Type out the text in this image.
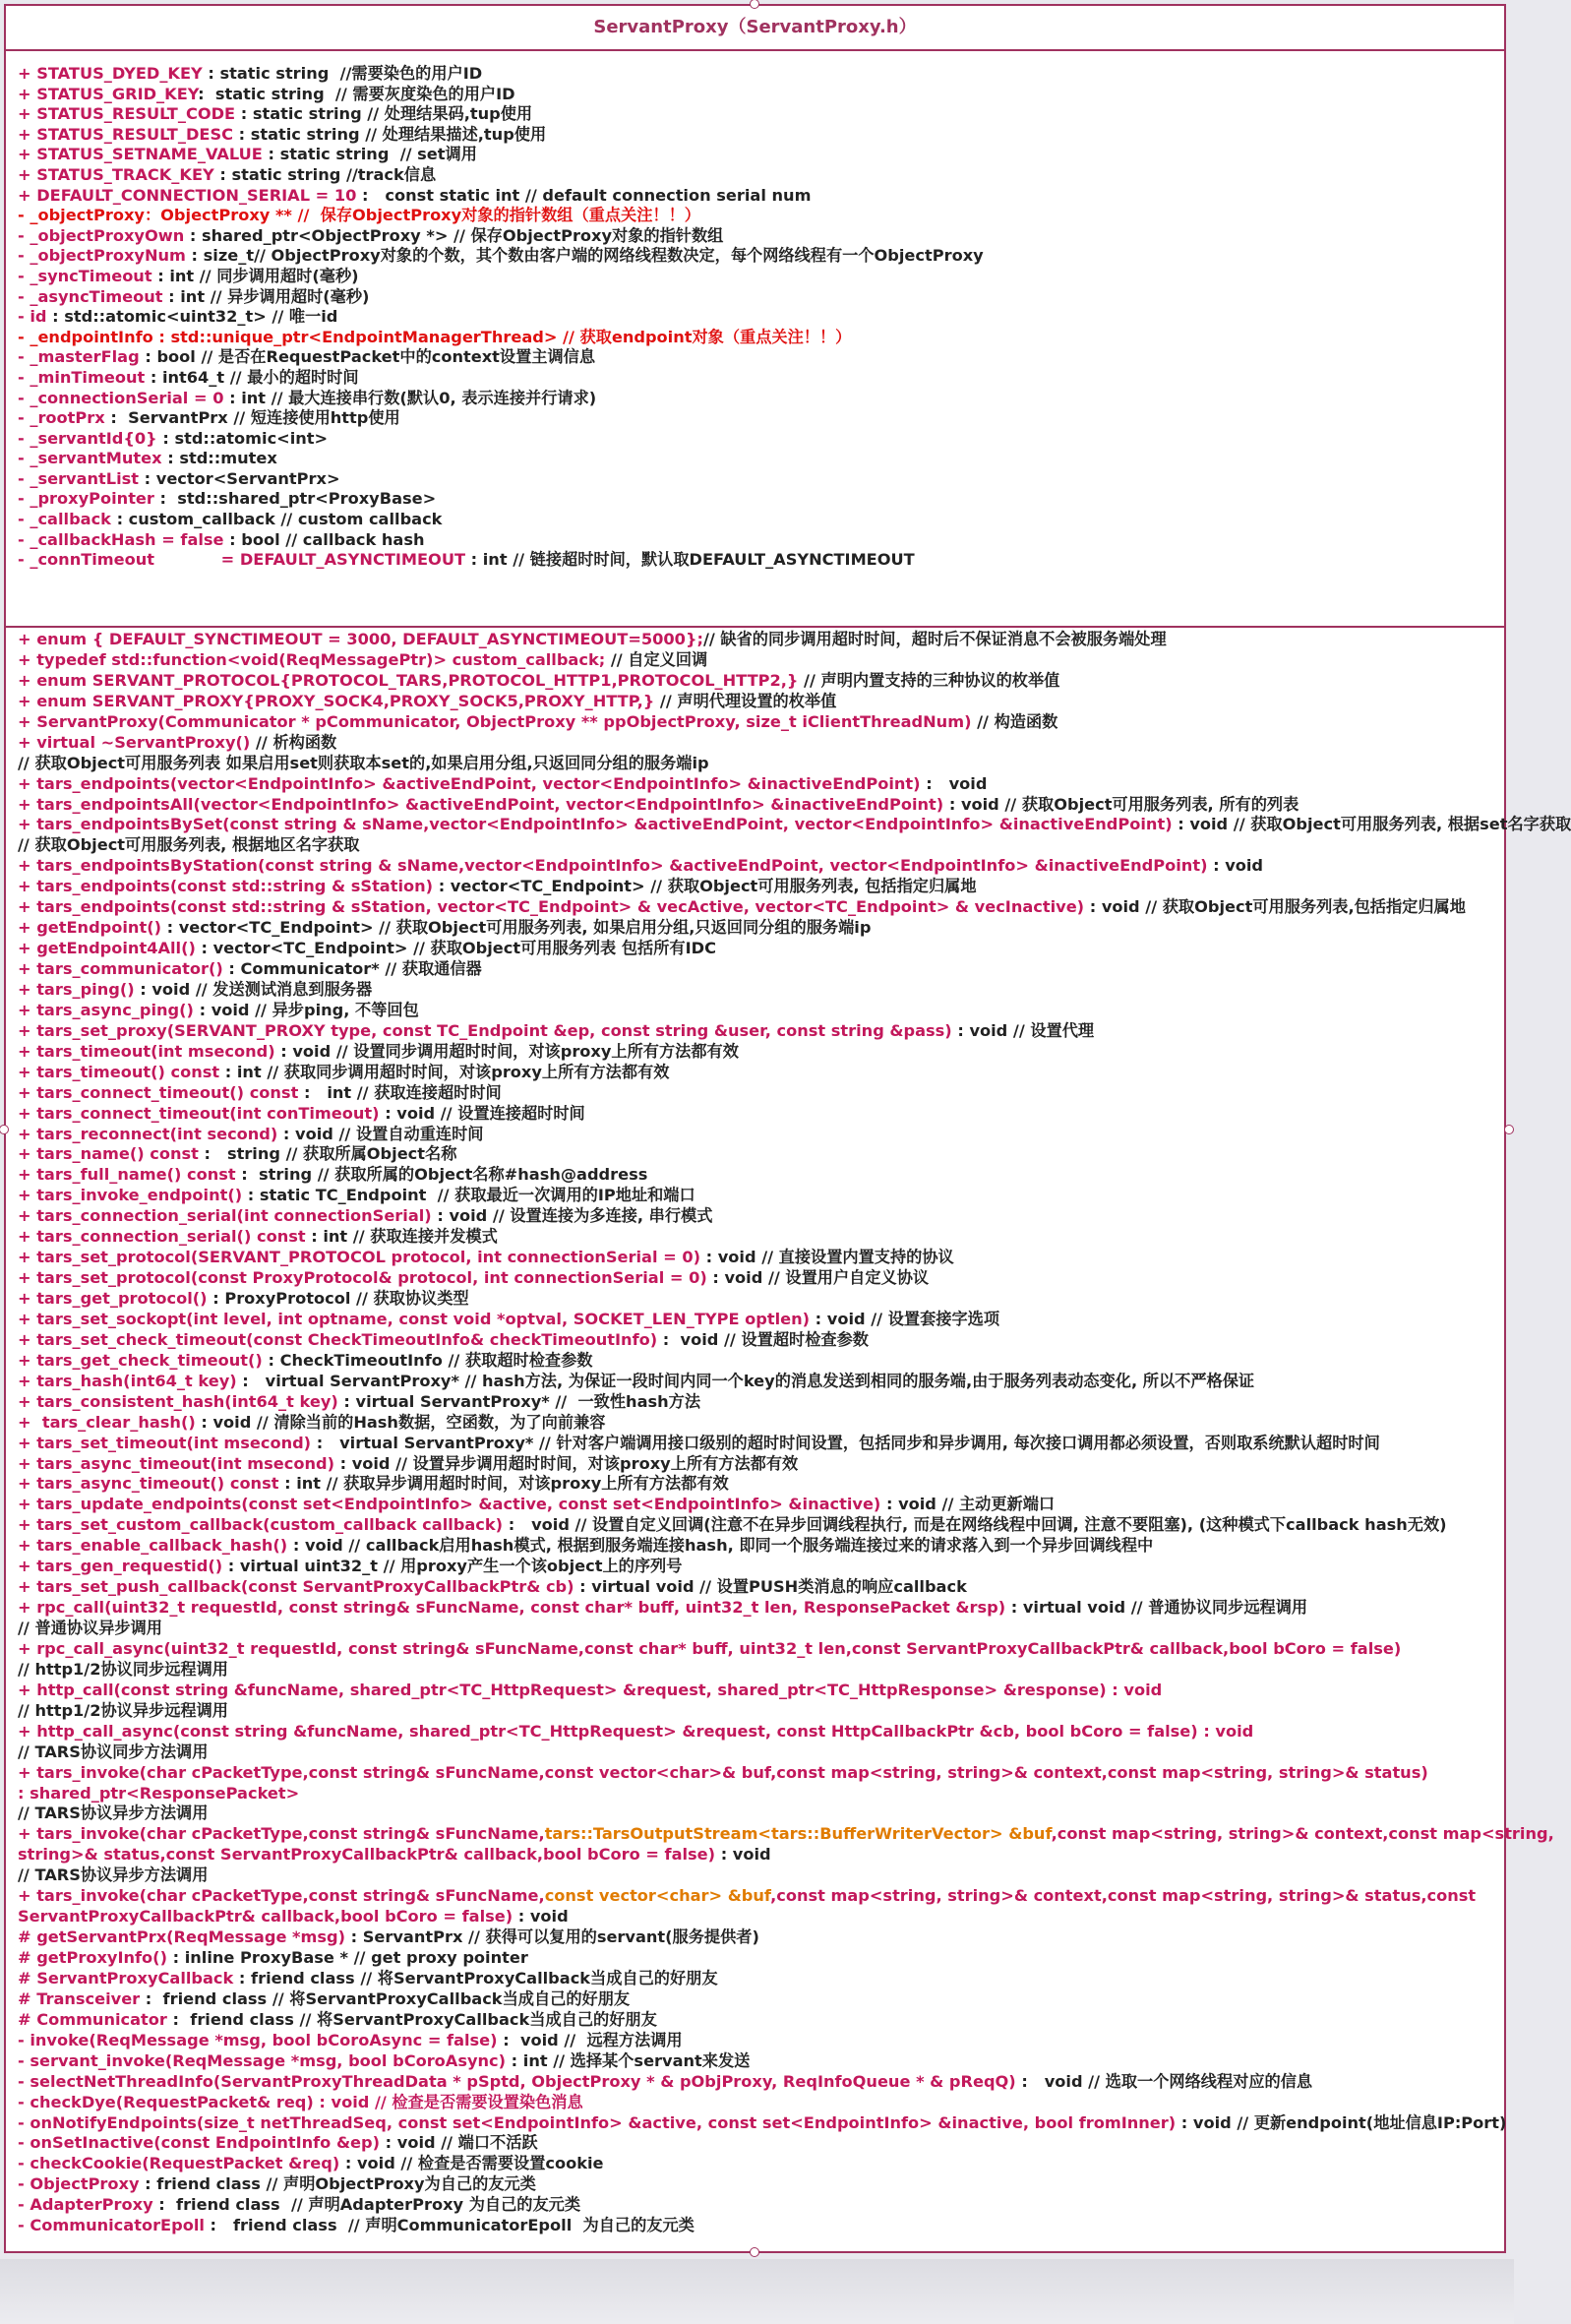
ServantProxy（ServantProxy.h）
+ STATUS_DYED_KEY : static string  //需要染色的用户ID
+ STATUS_GRID_KEY:  static string  // 需要灰度染色的用户ID
+ STATUS_RESULT_CODE : static string // 处理结果码,tup使用
+ STATUS_RESULT_DESC : static string // 处理结果描述,tup使用
+ STATUS_SETNAME_VALUE : static string  // set调用
+ STATUS_TRACK_KEY : static string //track信息
+ DEFAULT_CONNECTION_SERIAL = 10 :   const static int // default connection serial num
- _objectProxy：ObjectProxy ** //  保存ObjectProxy对象的指针数组（重点关注！！）
- _objectProxyOwn : shared_ptr<ObjectProxy *> // 保存ObjectProxy对象的指针数组
- _objectProxyNum : size_t// ObjectProxy对象的个数，其个数由客户端的网络线程数决定，每个网络线程有一个ObjectProxy
- _syncTimeout : int // 同步调用超时(毫秒)
- _asyncTimeout : int // 异步调用超时(毫秒)
- id : std::atomic<uint32_t> // 唯一id
- _endpointInfo : std::unique_ptr<EndpointManagerThread> // 获取endpoint对象（重点关注！！）
- _masterFlag : bool // 是否在RequestPacket中的context设置主调信息
- _minTimeout : int64_t // 最小的超时时间
- _connectionSerial = 0 : int // 最大连接串行数(默认0, 表示连接并行请求)
- _rootPrx :  ServantPrx // 短连接使用http使用
- _servantId{0} : std::atomic<int>
- _servantMutex : std::mutex
- _servantList : vector<ServantPrx>
- _proxyPointer :  std::shared_ptr<ProxyBase>
- _callback : custom_callback // custom callback
- _callbackHash = false : bool // callback hash
- _connTimeout            = DEFAULT_ASYNCTIMEOUT : int // 链接超时时间，默认取DEFAULT_ASYNCTIMEOUT
+ enum { DEFAULT_SYNCTIMEOUT = 3000, DEFAULT_ASYNCTIMEOUT=5000};// 缺省的同步调用超时时间，超时后不保证消息不会被服务端处理
+ typedef std::function<void(ReqMessagePtr)> custom_callback; // 自定义回调
+ enum SERVANT_PROTOCOL{PROTOCOL_TARS,PROTOCOL_HTTP1,PROTOCOL_HTTP2,} // 声明内置支持的三种协议的枚举值
+ enum SERVANT_PROXY{PROXY_SOCK4,PROXY_SOCK5,PROXY_HTTP,} // 声明代理设置的枚举值
+ ServantProxy(Communicator * pCommunicator, ObjectProxy ** ppObjectProxy, size_t iClientThreadNum) // 构造函数
+ virtual ~ServantProxy() // 析构函数
// 获取Object可用服务列表 如果启用set则获取本set的,如果启用分组,只返回同分组的服务端ip
+ tars_endpoints(vector<EndpointInfo> &activeEndPoint, vector<EndpointInfo> &inactiveEndPoint) :   void
+ tars_endpointsAll(vector<EndpointInfo> &activeEndPoint, vector<EndpointInfo> &inactiveEndPoint) : void // 获取Object可用服务列表, 所有的列表
+ tars_endpointsBySet(const string & sName,vector<EndpointInfo> &activeEndPoint, vector<EndpointInfo> &inactiveEndPoint) : void // 获取Object可用服务列表, 根据set名字获取
// 获取Object可用服务列表, 根据地区名字获取
+ tars_endpointsByStation(const string & sName,vector<EndpointInfo> &activeEndPoint, vector<EndpointInfo> &inactiveEndPoint) : void
+ tars_endpoints(const std::string & sStation) : vector<TC_Endpoint> // 获取Object可用服务列表, 包括指定归属地
+ tars_endpoints(const std::string & sStation, vector<TC_Endpoint> & vecActive, vector<TC_Endpoint> & vecInactive) : void // 获取Object可用服务列表,包括指定归属地
+ getEndpoint() : vector<TC_Endpoint> // 获取Object可用服务列表, 如果启用分组,只返回同分组的服务端ip
+ getEndpoint4All() : vector<TC_Endpoint> // 获取Object可用服务列表 包括所有IDC
+ tars_communicator() : Communicator* // 获取通信器
+ tars_ping() : void // 发送测试消息到服务器
+ tars_async_ping() : void // 异步ping, 不等回包
+ tars_set_proxy(SERVANT_PROXY type, const TC_Endpoint &ep, const string &user, const string &pass) : void // 设置代理
+ tars_timeout(int msecond) : void // 设置同步调用超时时间，对该proxy上所有方法都有效
+ tars_timeout() const : int // 获取同步调用超时时间，对该proxy上所有方法都有效
+ tars_connect_timeout() const :   int // 获取连接超时时间
+ tars_connect_timeout(int conTimeout) : void // 设置连接超时时间
+ tars_reconnect(int second) : void // 设置自动重连时间
+ tars_name() const :   string // 获取所属Object名称
+ tars_full_name() const :  string // 获取所属的Object名称#hash@address
+ tars_invoke_endpoint() : static TC_Endpoint  // 获取最近一次调用的IP地址和端口
+ tars_connection_serial(int connectionSerial) : void // 设置连接为多连接, 串行模式
+ tars_connection_serial() const : int // 获取连接并发模式
+ tars_set_protocol(SERVANT_PROTOCOL protocol, int connectionSerial = 0) : void // 直接设置内置支持的协议
+ tars_set_protocol(const ProxyProtocol& protocol, int connectionSerial = 0) : void // 设置用户自定义协议
+ tars_get_protocol() : ProxyProtocol // 获取协议类型
+ tars_set_sockopt(int level, int optname, const void *optval, SOCKET_LEN_TYPE optlen) : void // 设置套接字选项
+ tars_set_check_timeout(const CheckTimeoutInfo& checkTimeoutInfo) :  void // 设置超时检查参数
+ tars_get_check_timeout() : CheckTimeoutInfo // 获取超时检查参数
+ tars_hash(int64_t key) :   virtual ServantProxy* // hash方法, 为保证一段时间内同一个key的消息发送到相同的服务端,由于服务列表动态变化, 所以不严格保证
+ tars_consistent_hash(int64_t key) : virtual ServantProxy* //  一致性hash方法
+  tars_clear_hash() : void // 清除当前的Hash数据，空函数，为了向前兼容
+ tars_set_timeout(int msecond) :   virtual ServantProxy* // 针对客户端调用接口级别的超时时间设置，包括同步和异步调用, 每次接口调用都必须设置，否则取系统默认超时时间
+ tars_async_timeout(int msecond) : void // 设置异步调用超时时间，对该proxy上所有方法都有效
+ tars_async_timeout() const : int // 获取异步调用超时时间，对该proxy上所有方法都有效
+ tars_update_endpoints(const set<EndpointInfo> &active, const set<EndpointInfo> &inactive) : void // 主动更新端口
+ tars_set_custom_callback(custom_callback callback) :   void // 设置自定义回调(注意不在异步回调线程执行, 而是在网络线程中回调, 注意不要阻塞), (这种模式下callback hash无效)
+ tars_enable_callback_hash() : void // callback启用hash模式, 根据到服务端连接hash, 即同一个服务端连接过来的请求落入到一个异步回调线程中
+ tars_gen_requestid() : virtual uint32_t // 用proxy产生一个该object上的序列号
+ tars_set_push_callback(const ServantProxyCallbackPtr& cb) : virtual void // 设置PUSH类消息的响应callback
+ rpc_call(uint32_t requestId, const string& sFuncName, const char* buff, uint32_t len, ResponsePacket &rsp) : virtual void // 普通协议同步远程调用
// 普通协议异步调用
+ rpc_call_async(uint32_t requestId, const string& sFuncName,const char* buff, uint32_t len,const ServantProxyCallbackPtr& callback,bool bCoro = false)
// http1/2协议同步远程调用
+ http_call(const string &funcName, shared_ptr<TC_HttpRequest> &request, shared_ptr<TC_HttpResponse> &response) : void
// http1/2协议异步远程调用
+ http_call_async(const string &funcName, shared_ptr<TC_HttpRequest> &request, const HttpCallbackPtr &cb, bool bCoro = false) : void
// TARS协议同步方法调用
+ tars_invoke(char cPacketType,const string& sFuncName,const vector<char>& buf,const map<string, string>& context,const map<string, string>& status)
: shared_ptr<ResponsePacket>
// TARS协议异步方法调用
+ tars_invoke(char cPacketType,const string& sFuncName,tars::TarsOutputStream<tars::BufferWriterVector> &buf,const map<string, string>& context,const map<string,
string>& status,const ServantProxyCallbackPtr& callback,bool bCoro = false) : void
// TARS协议异步方法调用
+ tars_invoke(char cPacketType,const string& sFuncName,const vector<char> &buf,const map<string, string>& context,const map<string, string>& status,const
ServantProxyCallbackPtr& callback,bool bCoro = false) : void
# getServantPrx(ReqMessage *msg) : ServantPrx // 获得可以复用的servant(服务提供者)
# getProxyInfo() : inline ProxyBase * // get proxy pointer
# ServantProxyCallback : friend class // 将ServantProxyCallback当成自己的好朋友
# Transceiver :  friend class // 将ServantProxyCallback当成自己的好朋友
# Communicator :  friend class // 将ServantProxyCallback当成自己的好朋友
- invoke(ReqMessage *msg, bool bCoroAsync = false) :  void //  远程方法调用
- servant_invoke(ReqMessage *msg, bool bCoroAsync) : int // 选择某个servant来发送
- selectNetThreadInfo(ServantProxyThreadData * pSptd, ObjectProxy * & pObjProxy, ReqInfoQueue * & pReqQ) :   void // 选取一个网络线程对应的信息
- checkDye(RequestPacket& req) : void // 检查是否需要设置染色消息
- onNotifyEndpoints(size_t netThreadSeq, const set<EndpointInfo> &active, const set<EndpointInfo> &inactive, bool fromInner) : void // 更新endpoint(地址信息IP:Port)
- onSetInactive(const EndpointInfo &ep) : void // 端口不活跃
- checkCookie(RequestPacket &req) : void // 检查是否需要设置cookie
- ObjectProxy : friend class // 声明ObjectProxy为自己的友元类
- AdapterProxy :  friend class  // 声明AdapterProxy 为自己的友元类
- CommunicatorEpoll :   friend class  // 声明CommunicatorEpoll  为自己的友元类
